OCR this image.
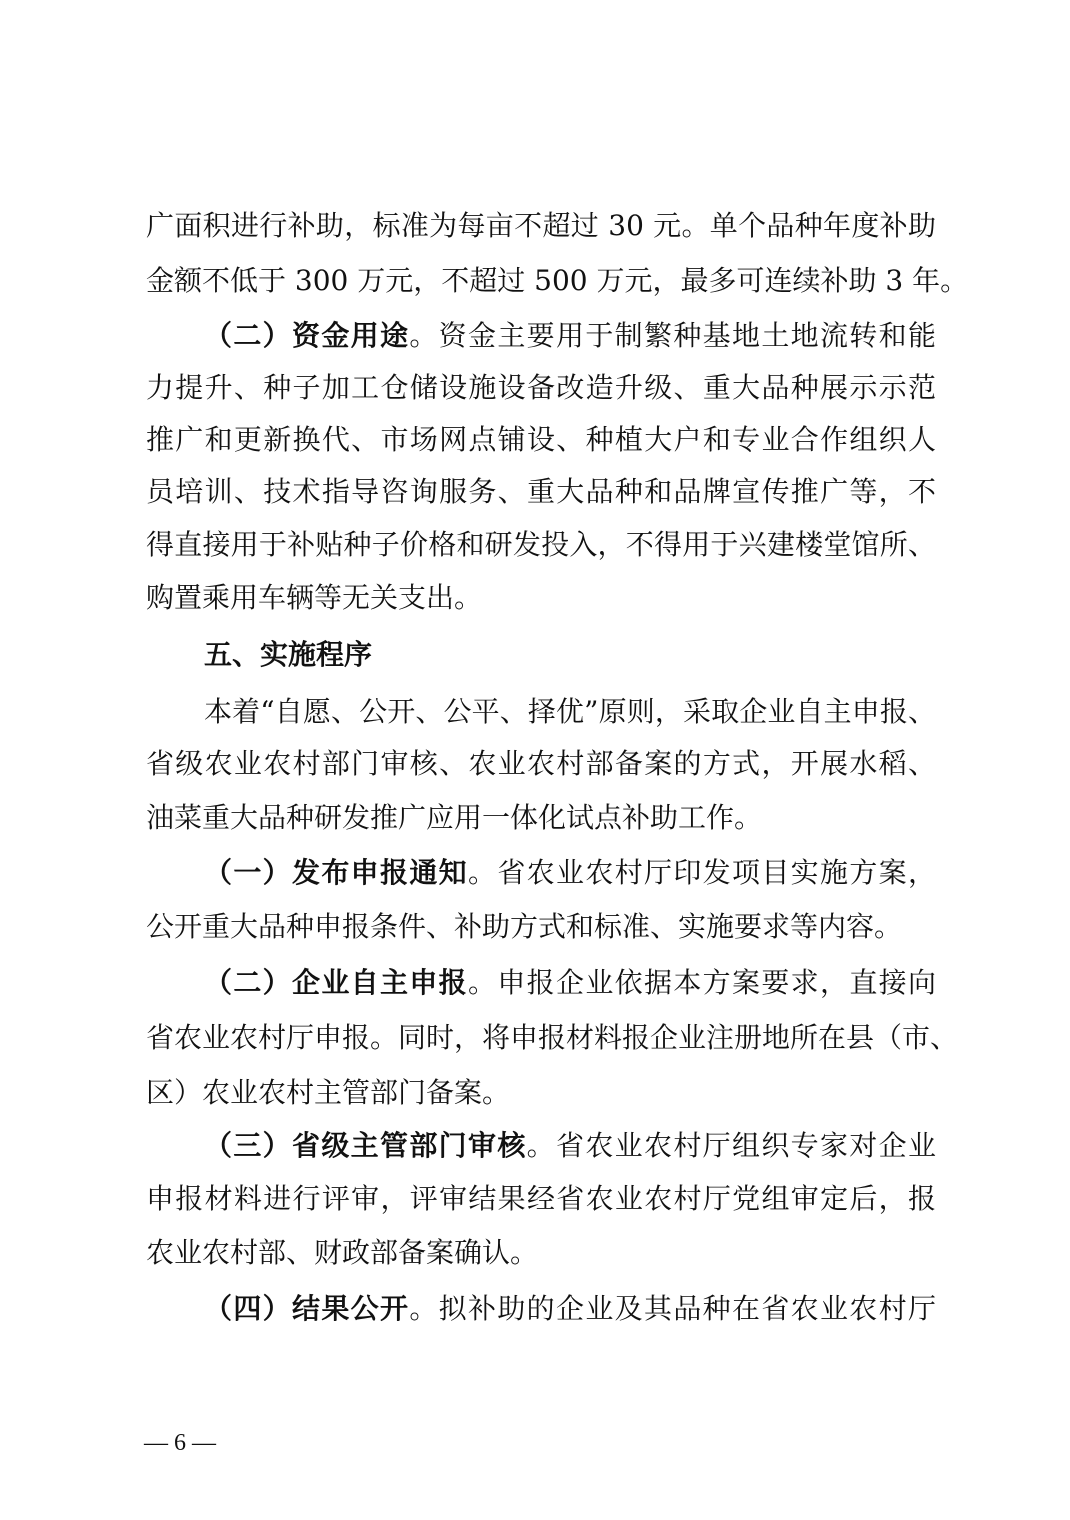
广面积进行补助，标准为每亩不超过 30 元。单个品种年度补助
金额不低于 300 万元，不超过 500 万元，最多可连续补助 3 年。
（二）资金用途。资金主要用于制繁种基地土地流转和能
力提升、种子加工仓储设施设备改造升级、重大品种展示示范
推广和更新换代、市场网点铺设、种植大户和专业合作组织人
员培训、技术指导咨询服务、重大品种和品牌宣传推广等，不
得直接用于补贴种子价格和研发投入，不得用于兴建楼堂馆所、
购置乘用车辆等无关支出。
五、实施程序
本着“自愿、公开、公平、择优”原则，采取企业自主申报、
省级农业农村部门审核、农业农村部备案的方式，开展水稻、
油菜重大品种研发推广应用一体化试点补助工作。
（一）发布申报通知。省农业农村厅印发项目实施方案，
公开重大品种申报条件、补助方式和标准、实施要求等内容。
（二）企业自主申报。申报企业依据本方案要求，直接向
省农业农村厅申报。同时，将申报材料报企业注册地所在县（市、
区）农业农村主管部门备案。
（三）省级主管部门审核。省农业农村厅组织专家对企业
申报材料进行评审，评审结果经省农业农村厅党组审定后，报
农业农村部、财政部备案确认。
（四）结果公开。拟补助的企业及其品种在省农业农村厅
— 6 —
